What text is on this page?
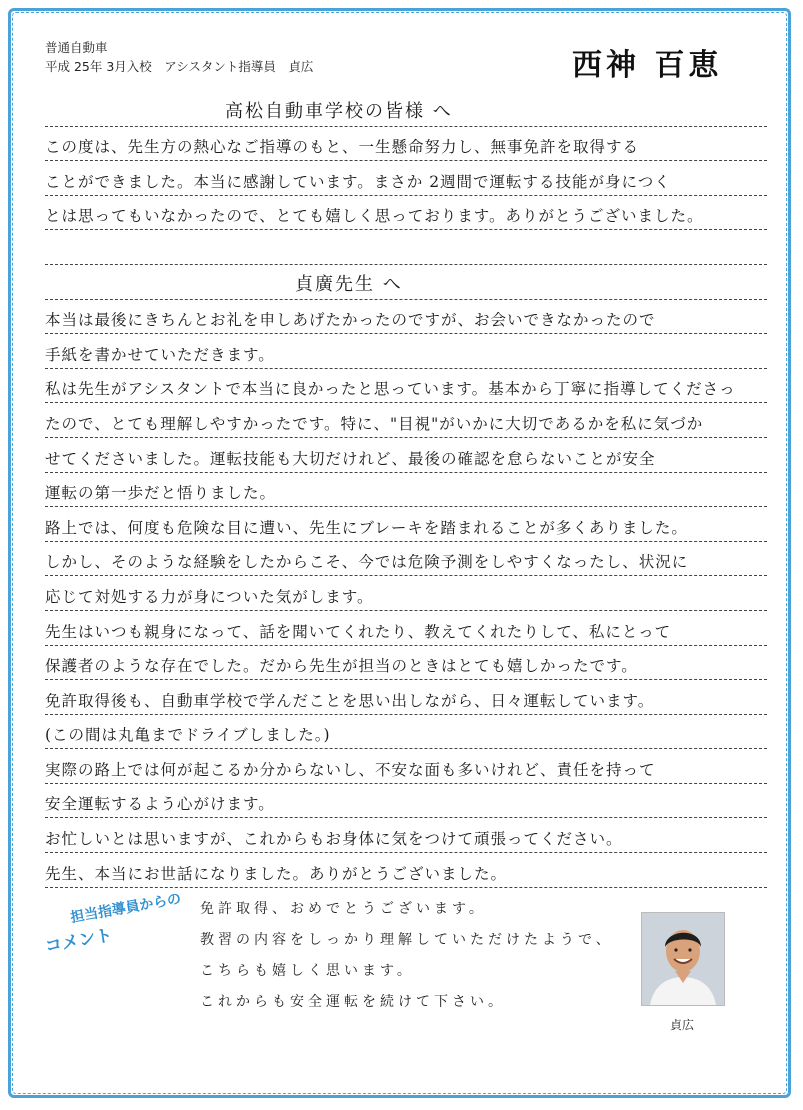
普通自動車
平成 25年 3月入校　アシスタント指導員　貞広	西神 百恵
高松自動車学校の皆様 へ
この度は、先生方の熱心なご指導のもと、一生懸命努力し、無事免許を取得する
ことができました。本当に感謝しています。まさか 2週間で運転する技能が身につく
とは思ってもいなかったので、とても嬉しく思っております。ありがとうございました。
貞廣先生 へ
本当は最後にきちんとお礼を申しあげたかったのですが、お会いできなかったので
手紙を書かせていただきます。
私は先生がアシスタントで本当に良かったと思っています。基本から丁寧に指導してくださっ
たので、とても理解しやすかったです。特に、"目視"がいかに大切であるかを私に気づか
せてくださいました。運転技能も大切だけれど、最後の確認を怠らないことが安全
運転の第一歩だと悟りました。
路上では、何度も危険な目に遭い、先生にブレーキを踏まれることが多くありました。
しかし、そのような経験をしたからこそ、今では危険予測をしやすくなったし、状況に
応じて対処する力が身についた気がします。
先生はいつも親身になって、話を聞いてくれたり、教えてくれたりして、私にとって
保護者のような存在でした。だから先生が担当のときはとても嬉しかったです。
免許取得後も、自動車学校で学んだことを思い出しながら、日々運転しています。
(この間は丸亀までドライブしました。)
実際の路上では何が起こるか分からないし、不安な面も多いけれど、責任を持って
安全運転するよう心がけます。
お忙しいとは思いますが、これからもお身体に気をつけて頑張ってください。
先生、本当にお世話になりました。ありがとうございました。
担当指導員からの
コメント
免許取得、おめでとうございます。
教習の内容をしっかり理解していただけたようで、
こちらも嬉しく思います。
これからも安全運転を続けて下さい。
貞広
